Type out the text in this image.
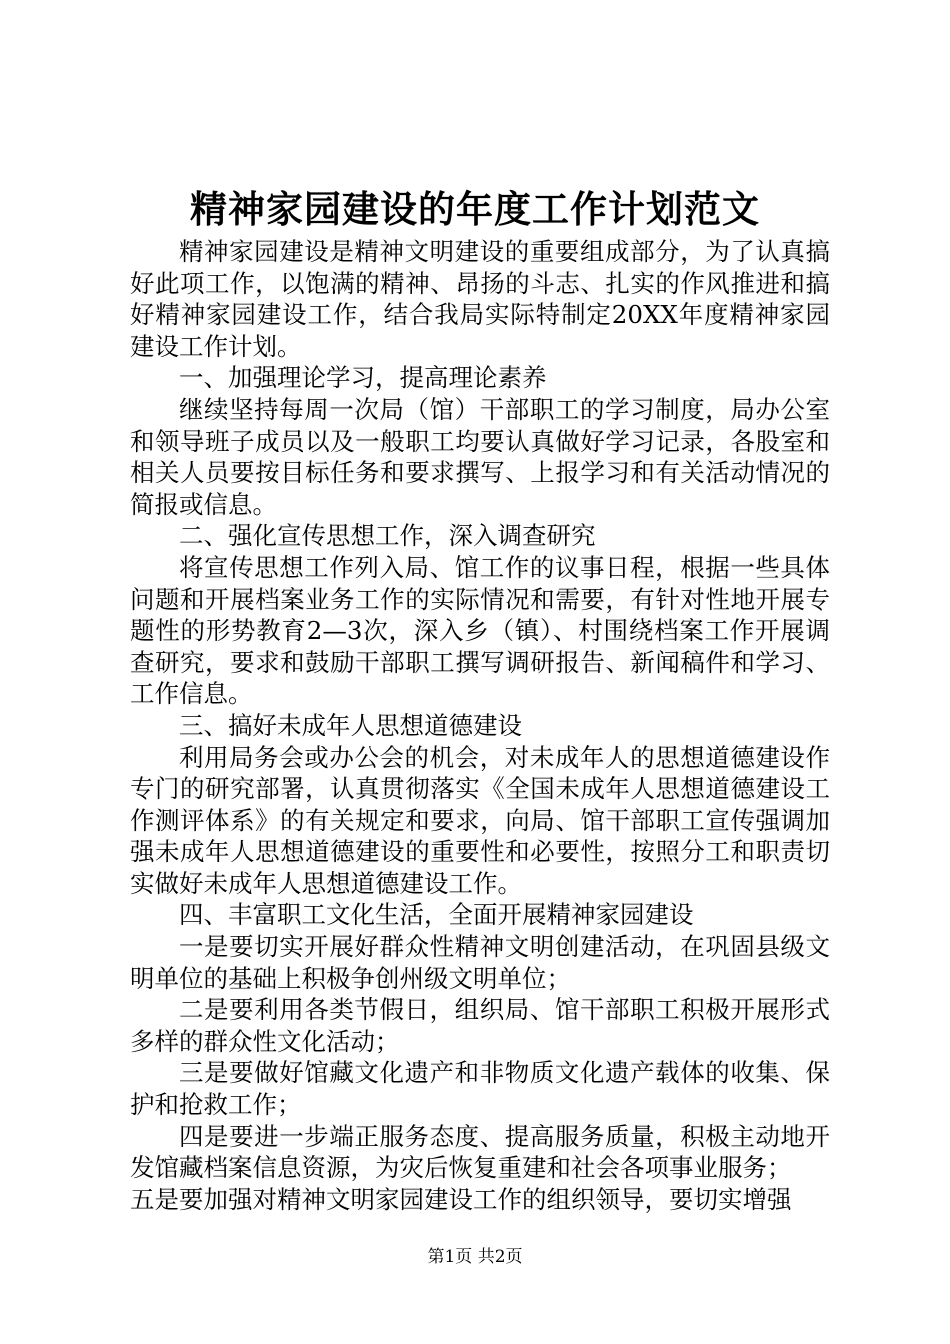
精神家园建设的年度工作计划范文

精神家园建设是精神文明建设的重要组成部分，为了认真搞好此项工作，以饱满的精神、昂扬的斗志、扎实的作风推进和搞好精神家园建设工作，结合我局实际特制定20XX年度精神家园建设工作计划。

一、加强理论学习，提高理论素养

继续坚持每周一次局（馆）干部职工的学习制度，局办公室和领导班子成员以及一般职工均要认真做好学习记录，各股室和相关人员要按目标任务和要求撰写、上报学习和有关活动情况的简报或信息。

二、强化宣传思想工作，深入调查研究

将宣传思想工作列入局、馆工作的议事日程，根据一些具体问题和开展档案业务工作的实际情况和需要，有针对性地开展专题性的形势教育2—3次，深入乡（镇）、村围绕档案工作开展调查研究，要求和鼓励干部职工撰写调研报告、新闻稿件和学习、工作信息。

三、搞好未成年人思想道德建设

利用局务会或办公会的机会，对未成年人的思想道德建设作专门的研究部署，认真贯彻落实《全国未成年人思想道德建设工作测评体系》的有关规定和要求，向局、馆干部职工宣传强调加强未成年人思想道德建设的重要性和必要性，按照分工和职责切实做好未成年人思想道德建设工作。

四、丰富职工文化生活，全面开展精神家园建设

一是要切实开展好群众性精神文明创建活动，在巩固县级文明单位的基础上积极争创州级文明单位；

二是要利用各类节假日，组织局、馆干部职工积极开展形式多样的群众性文化活动；

三是要做好馆藏文化遗产和非物质文化遗产载体的收集、保护和抢救工作；

四是要进一步端正服务态度、提高服务质量，积极主动地开发馆藏档案信息资源，为灾后恢复重建和社会各项事业服务；

五是要加强对精神文明家园建设工作的组织领导，要切实增强

第1页 共2页
